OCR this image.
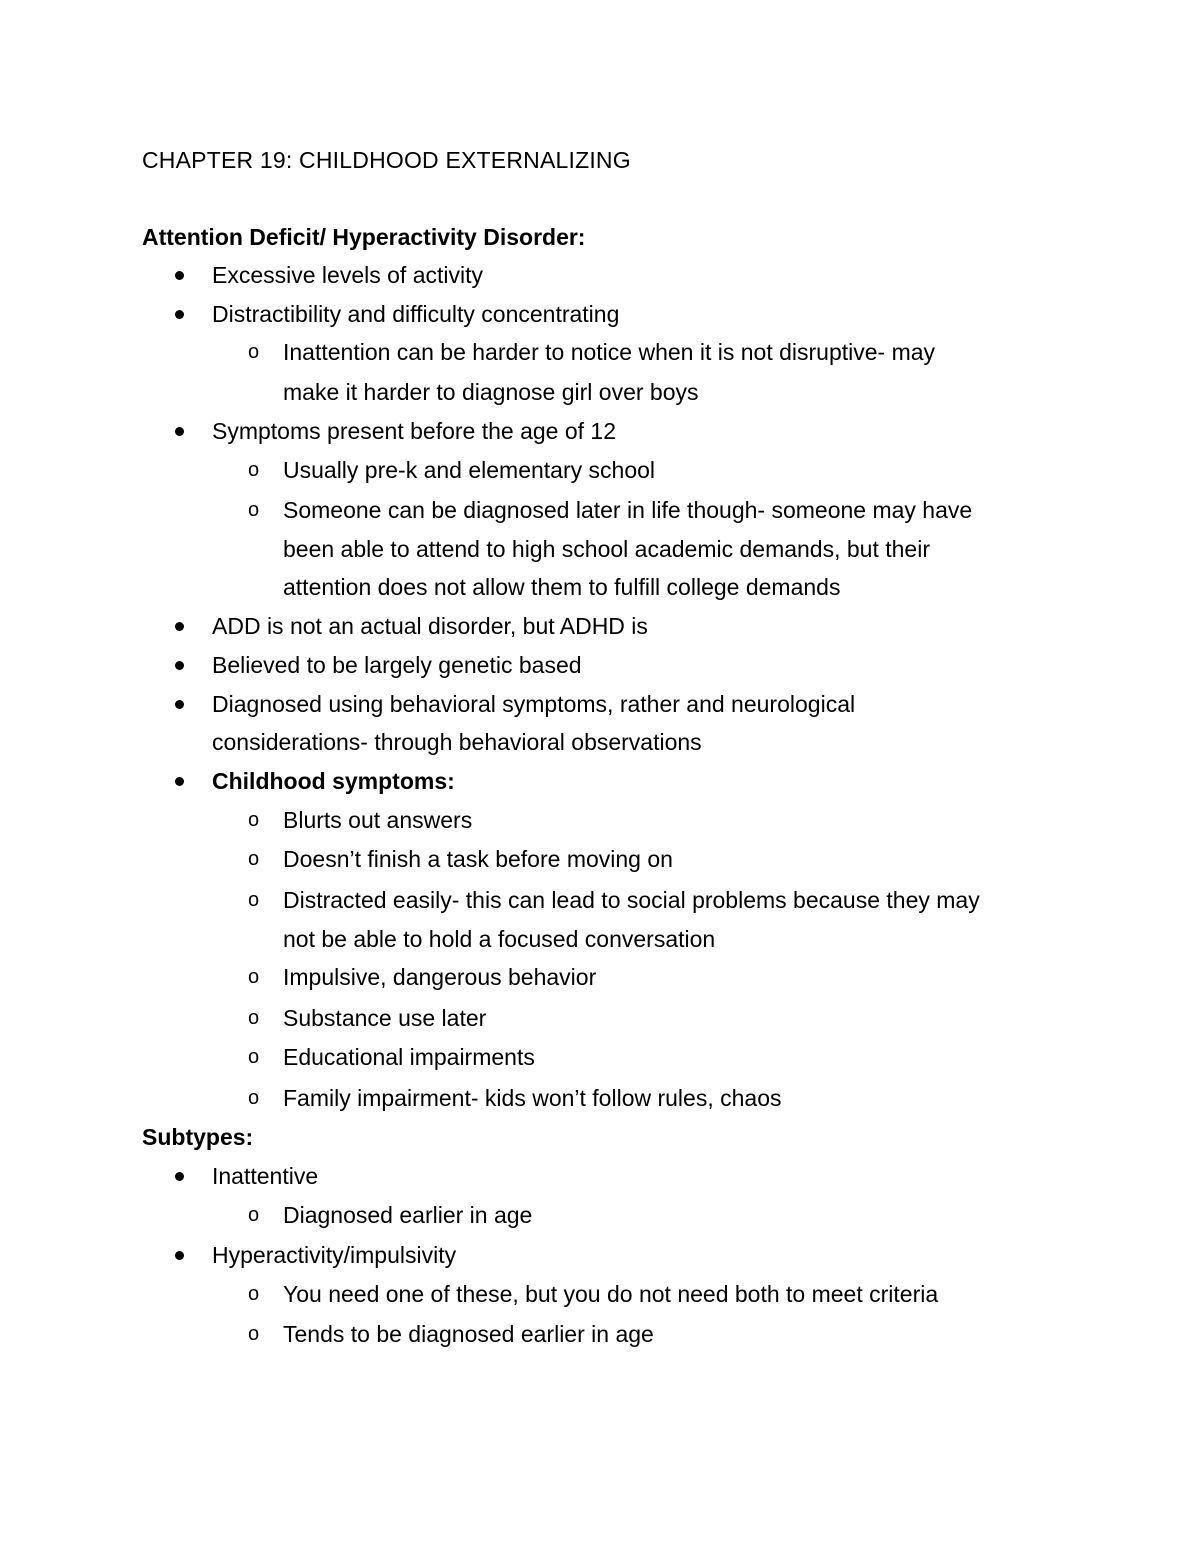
CHAPTER 19: CHILDHOOD EXTERNALIZING
Attention Deficit/ Hyperactivity Disorder:
Excessive levels of activity
Distractibility and difficulty concentrating
o Inattention can be harder to notice when it is not disruptive- may
make it harder to diagnose girl over boys
Symptoms present before the age of 12
o Usually pre-k and elementary school
o Someone can be diagnosed later in life though- someone may have
been able to attend to high school academic demands, but their
attention does not allow them to fulfill college demands
ADD is not an actual disorder, but ADHD is
Believed to be largely genetic based
Diagnosed using behavioral symptoms, rather and neurological
considerations- through behavioral observations
Childhood symptoms:
o Blurts out answers
o Doesn’t finish a task before moving on
o Distracted easily- this can lead to social problems because they may
not be able to hold a focused conversation
o Impulsive, dangerous behavior
o Substance use later
o Educational impairments
o Family impairment- kids won’t follow rules, chaos
Subtypes:
Inattentive
o Diagnosed earlier in age
Hyperactivity/impulsivity
o You need one of these, but you do not need both to meet criteria
o Tends to be diagnosed earlier in age
